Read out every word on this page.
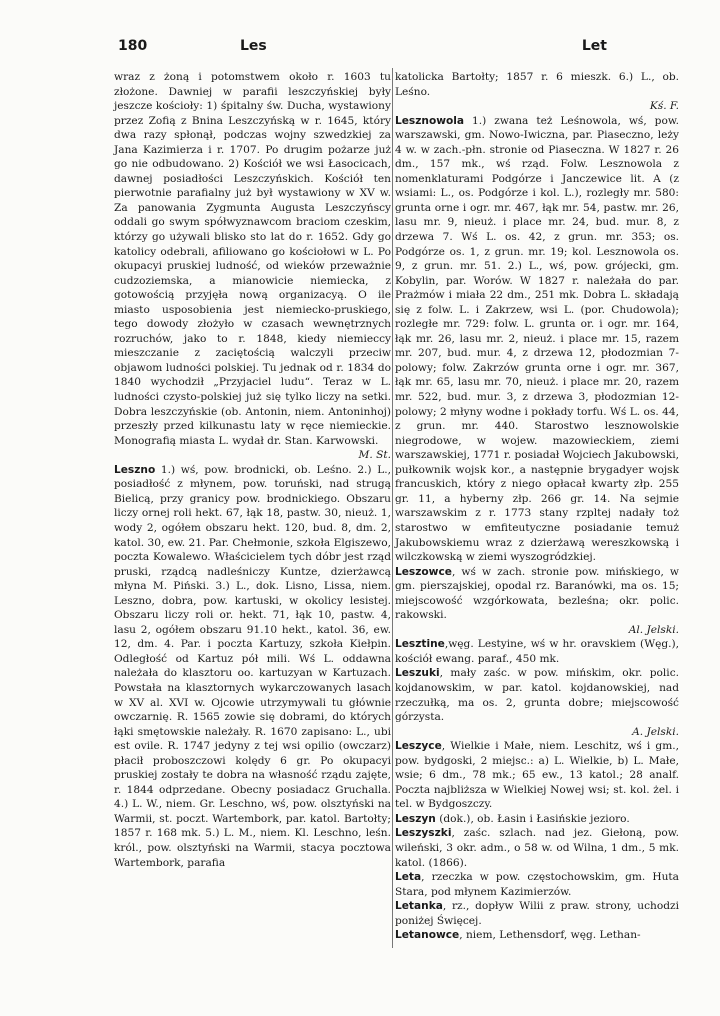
180	Les	Let

wraz z żoną i potomstwem około r. 1603 tu złożone. Dawniej w parafii leszczyńskiej były jeszcze kościoły: 1) śpitalny św. Ducha, wystawiony przez Zofią z Bnina Leszczyńską w r. 1645, który dwa razy spłonął, podczas wojny szwedzkiej za Jana Kazimierza i r. 1707. Po drugim pożarze już go nie odbudowano. 2) Kościół we wsi Łasocicach, dawnej posiadłości Leszczyńskich. Kościół ten pierwotnie parafialny już był wystawiony w XV w. Za panowania Zygmunta Augusta Leszczyńscy oddali go swym spółwyznawcom braciom czeskim, którzy go używali blisko sto lat do r. 1652. Gdy go katolicy odebrali, afiliowano go kościołowi w L. Po okupacyi pruskiej ludność, od wieków przeważnie cudzoziemska, a mianowicie niemiecka, z gotowością przyjęła nową organizacyą. O ile miasto usposobienia jest niemiecko-pruskiego, tego dowody złożyło w czasach wewnętrznych rozruchów, jako to r. 1848, kiedy niemieccy mieszczanie z zaciętością walczyli przeciw objawom ludności polskiej. Tu jednak od r. 1834 do 1840 wychodził „Przyjaciel ludu“. Teraz w L. ludności czysto-polskiej już się tylko liczy na setki. Dobra leszczyńskie (ob. Antonin, niem. Antoninhoj) przeszły przed kilkunastu laty w ręce niemieckie. Monografią miasta L. wydał dr. Stan. Karwowski.

M. St.

Leszno 1.) wś, pow. brodnicki, ob. Leśno. 2.) L., posiadłość z młynem, pow. toruński, nad strugą Bielicą, przy granicy pow. brodnickiego. Obszaru liczy ornej roli hekt. 67, łąk 18, pastw. 30, nieuż. 1, wody 2, ogółem obszaru hekt. 120, bud. 8, dm. 2, katol. 30, ew. 21. Par. Chełmonie, szkoła Elgiszewo, poczta Kowalewo. Właścicielem tych dóbr jest rząd pruski, rządcą nadleśniczy Kuntze, dzierżawcą młyna M. Piński. 3.) L., dok. Lisno, Lissa, niem. Leszno, dobra, pow. kartuski, w okolicy lesistej. Obszaru liczy roli or. hekt. 71, łąk 10, pastw. 4, lasu 2, ogółem obszaru 91.10 hekt., katol. 36, ew. 12, dm. 4. Par. i poczta Kartuzy, szkoła Kiełpin. Odległość od Kartuz pół mili. Wś L. oddawna należała do klasztoru oo. kartuzyan w Kartuzach. Powstała na klasztornych wykarczowanych lasach w XV al. XVI w. Ojcowie utrzymywali tu głównie owczarnię. R. 1565 zowie się dobrami, do których łąki smętowskie należały. R. 1670 zapisano: L., ubi est ovile. R. 1747 jedyny z tej wsi opilio (owczarz) płacił proboszczowi kolędy 6 gr. Po okupacyi pruskiej zostały te dobra na własność rządu zajęte, r. 1844 odprzedane. Obecny posiadacz Gruchalla. 4.) L. W., niem. Gr. Leschno, wś, pow. olsztyński na Warmii, st. poczt. Wartembork, par. katol. Bartołty; 1857 r. 168 mk. 5.) L. M., niem. Kl. Leschno, leśn. król., pow. olsztyński na Warmii, stacya pocztowa Wartembork, parafia

katolicka Bartołty; 1857 r. 6 mieszk. 6.) L., ob. Leśno.

Kś. F.

Lesznowola 1.) zwana też Leśnowola, wś, pow. warszawski, gm. Nowo-Iwiczna, par. Piaseczno, leży 4 w. w zach.-płn. stronie od Piaseczna. W 1827 r. 26 dm., 157 mk., wś rząd. Folw. Lesznowola z nomenklaturami Podgórze i Janczewice lit. A (z wsiami: L., os. Podgórze i kol. L.), rozległy mr. 580: grunta orne i ogr. mr. 467, łąk mr. 54, pastw. mr. 26, lasu mr. 9, nieuż. i place mr. 24, bud. mur. 8, z drzewa 7. Wś L. os. 42, z grun. mr. 353; os. Podgórze os. 1, z grun. mr. 19; kol. Lesznowola os. 9, z grun. mr. 51. 2.) L., wś, pow. grójecki, gm. Kobylin, par. Worów. W 1827 r. należała do par. Prażmów i miała 22 dm., 251 mk. Dobra L. składają się z folw. L. i Zakrzew, wsi L. (por. Chudowola); rozległe mr. 729: folw. L. grunta or. i ogr. mr. 164, łąk mr. 26, lasu mr. 2, nieuż. i place mr. 15, razem mr. 207, bud. mur. 4, z drzewa 12, płodozmian 7-polowy; folw. Zakrzów grunta orne i ogr. mr. 367, łąk mr. 65, lasu mr. 70, nieuż. i place mr. 20, razem mr. 522, bud. mur. 3, z drzewa 3, płodozmian 12-polowy; 2 młyny wodne i pokłady torfu. Wś L. os. 44, z grun. mr. 440. Starostwo lesznowolskie niegrodowe, w wojew. mazowieckiem, ziemi warszawskiej, 1771 r. posiadał Wojciech Jakubowski, pułkownik wojsk kor., a następnie brygadyer wojsk francuskich, który z niego opłacał kwarty złp. 255 gr. 11, a hyberny złp. 266 gr. 14. Na sejmie warszawskim z r. 1773 stany rzpltej nadały toż starostwo w emfiteutyczne posiadanie temuż Jakubowskiemu wraz z dzierżawą wereszkowską i wilczkowską w ziemi wyszogródzkiej.

Leszowce, wś w zach. stronie pow. mińskiego, w gm. pierszajskiej, opodal rz. Baranówki, ma os. 15; miejscowość wzgórkowata, bezleśna; okr. polic. rakowski.

Al. Jelski.

Lesztine,węg. Lestyine, wś w hr. oravskiem (Węg.), kościół ewang. paraf., 450 mk.

Leszuki, mały zaśc. w pow. mińskim, okr. polic. kojdanowskim, w par. katol. kojdanowskiej, nad rzeczułką, ma os. 2, grunta dobre; miejscowość górzysta.

A. Jelski.

Leszyce, Wielkie i Małe, niem. Leschitz, wś i gm., pow. bydgoski, 2 miejsc.: a) L. Wielkie, b) L. Małe, wsie; 6 dm., 78 mk.; 65 ew., 13 katol.; 28 analf. Poczta najbliższa w Wielkiej Nowej wsi; st. kol. żel. i tel. w Bydgoszczy.

Leszyn (dok.), ob. Łasin i Łasińskie jezioro.

Leszyszki, zaśc. szlach. nad jez. Giełoną, pow. wileński, 3 okr. adm., o 58 w. od Wilna, 1 dm., 5 mk. katol. (1866).

Leta, rzeczka w pow. częstochowskim, gm. Huta Stara, pod młynem Kazimierzów.

Letanka, rz., dopływ Wilii z praw. strony, uchodzi poniżej Święcej.

Letanowce, niem, Lethensdorf, węg. Lethan-
